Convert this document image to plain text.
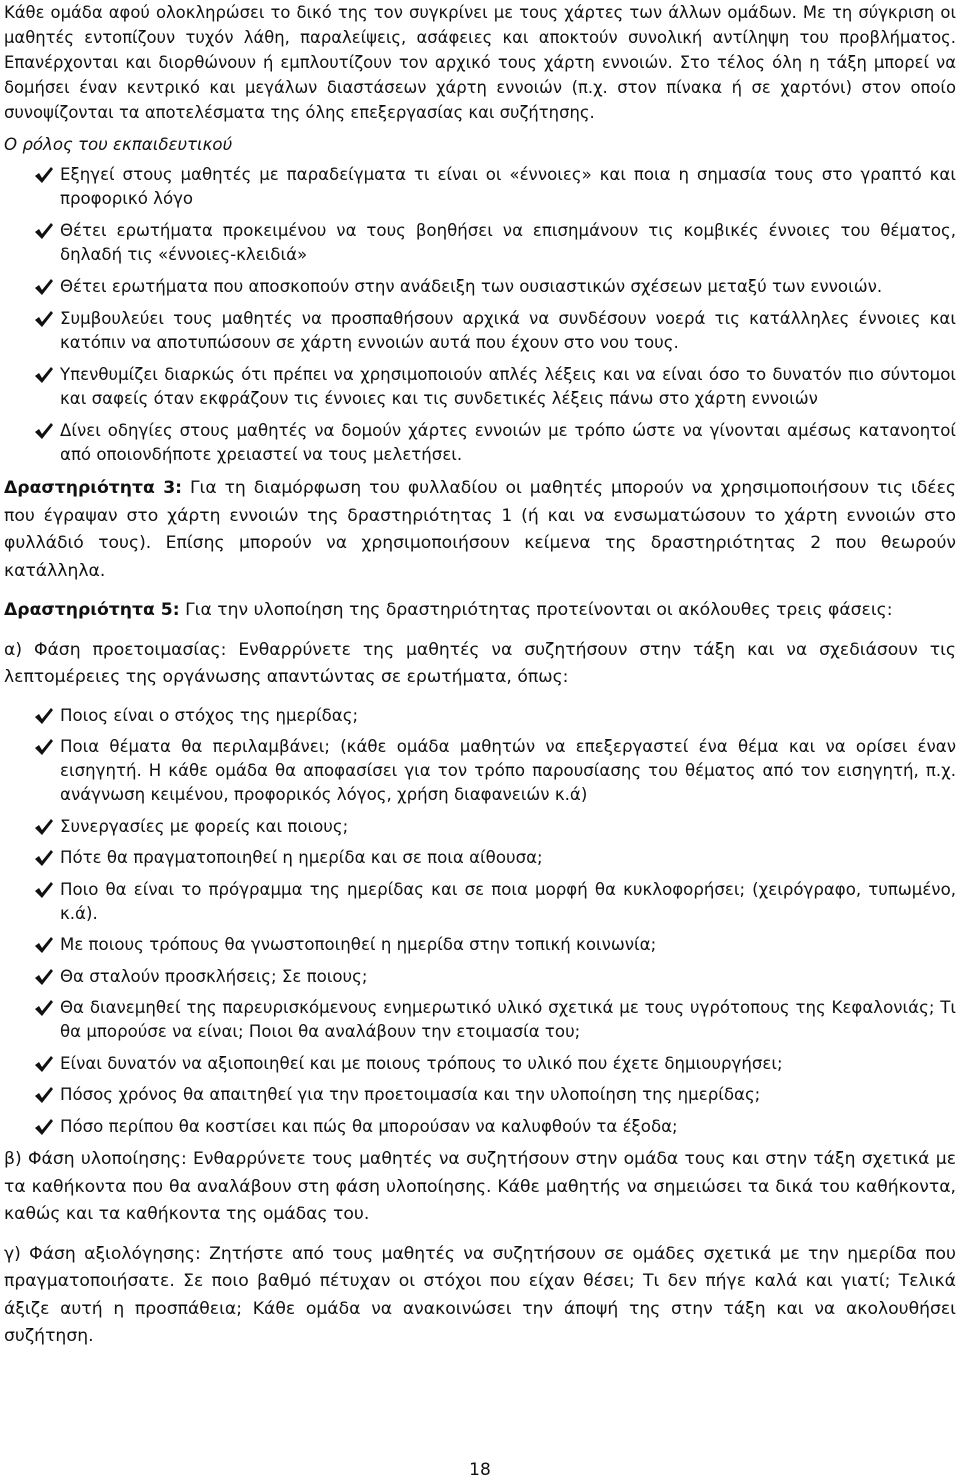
Κάθε ομάδα αφού ολοκληρώσει το δικό της τον συγκρίνει με τους χάρτες των άλλων ομάδων. Με τη σύγκριση οι μαθητές εντοπίζουν τυχόν λάθη, παραλείψεις, ασάφειες και αποκτούν συνολική αντίληψη του προβλήματος. Επανέρχονται και διορθώνουν ή εμπλουτίζουν τον αρχικό τους χάρτη εννοιών. Στο τέλος όλη η τάξη μπορεί να δομήσει έναν κεντρικό και μεγάλων διαστάσεων χάρτη εννοιών (π.χ. στον πίνακα ή σε χαρτόνι) στον οποίο συνοψίζονται τα αποτελέσματα της όλης επεξεργασίας και συζήτησης.

Ο ρόλος του εκπαιδευτικού
Εξηγεί στους μαθητές με παραδείγματα τι είναι οι «έννοιες» και ποια η σημασία τους στο γραπτό και προφορικό λόγο
Θέτει ερωτήματα προκειμένου να τους βοηθήσει να επισημάνουν τις κομβικές έννοιες του θέματος, δηλαδή τις «έννοιες-κλειδιά»
Θέτει ερωτήματα που αποσκοπούν στην ανάδειξη των ουσιαστικών σχέσεων μεταξύ των εννοιών.
Συμβουλεύει τους μαθητές να προσπαθήσουν αρχικά να συνδέσουν νοερά τις κατάλληλες έννοιες και κατόπιν να αποτυπώσουν σε χάρτη εννοιών αυτά που έχουν στο νου τους.
Υπενθυμίζει διαρκώς ότι πρέπει να χρησιμοποιούν απλές λέξεις και να είναι όσο το δυνατόν πιο σύντομοι και σαφείς όταν εκφράζουν τις έννοιες και τις συνδετικές λέξεις πάνω στο χάρτη εννοιών
Δίνει οδηγίες στους μαθητές να δομούν χάρτες εννοιών με τρόπο ώστε να γίνονται αμέσως κατανοητοί από οποιονδήποτε χρειαστεί να τους μελετήσει.

Δραστηριότητα 3: Για τη διαμόρφωση του φυλλαδίου οι μαθητές μπορούν να χρησιμοποιήσουν τις ιδέες που έγραψαν στο χάρτη εννοιών της δραστηριότητας 1 (ή και να ενσωματώσουν το χάρτη εννοιών στο φυλλάδιό τους). Επίσης μπορούν να χρησιμοποιήσουν κείμενα της δραστηριότητας 2 που θεωρούν κατάλληλα.

Δραστηριότητα 5: Για την υλοποίηση της δραστηριότητας προτείνονται οι ακόλουθες τρεις φάσεις:

α) Φάση προετοιμασίας: Ενθαρρύνετε της μαθητές να συζητήσουν στην τάξη και να σχεδιάσουν τις λεπτομέρειες της οργάνωσης απαντώντας σε ερωτήματα, όπως:

Ποιος είναι ο στόχος της ημερίδας;
Ποια θέματα θα περιλαμβάνει; (κάθε ομάδα μαθητών να επεξεργαστεί ένα θέμα και να ορίσει έναν εισηγητή. Η κάθε ομάδα θα αποφασίσει για τον τρόπο παρουσίασης του θέματος από τον εισηγητή, π.χ. ανάγνωση κειμένου, προφορικός λόγος, χρήση διαφανειών κ.ά)
Συνεργασίες με φορείς και ποιους;
Πότε θα πραγματοποιηθεί η ημερίδα και σε ποια αίθουσα;
Ποιο θα είναι το πρόγραμμα της ημερίδας και σε ποια μορφή θα κυκλοφορήσει; (χειρόγραφο, τυπωμένο, κ.ά).
Με ποιους τρόπους θα γνωστοποιηθεί η ημερίδα στην τοπική κοινωνία;
Θα σταλούν προσκλήσεις; Σε ποιους;
Θα διανεμηθεί της παρευρισκόμενους ενημερωτικό υλικό σχετικά με τους υγρότοπους της Κεφαλονιάς; Τι θα μπορούσε να είναι; Ποιοι θα αναλάβουν την ετοιμασία του;
Είναι δυνατόν να αξιοποιηθεί και με ποιους τρόπους το υλικό που έχετε δημιουργήσει;
Πόσος χρόνος θα απαιτηθεί για την προετοιμασία και την υλοποίηση της ημερίδας;
Πόσο περίπου θα κοστίσει και πώς θα μπορούσαν να καλυφθούν τα έξοδα;

β) Φάση υλοποίησης: Ενθαρρύνετε τους μαθητές να συζητήσουν στην ομάδα τους και στην τάξη σχετικά με τα καθήκοντα που θα αναλάβουν στη φάση υλοποίησης. Κάθε μαθητής να σημειώσει τα δικά του καθήκοντα, καθώς και τα καθήκοντα της ομάδας του.

γ) Φάση αξιολόγησης: Ζητήστε από τους μαθητές να συζητήσουν σε ομάδες σχετικά με την ημερίδα που πραγματοποιήσατε. Σε ποιο βαθμό πέτυχαν οι στόχοι που είχαν θέσει; Τι δεν πήγε καλά και γιατί; Τελικά άξιζε αυτή η προσπάθεια; Κάθε ομάδα να ανακοινώσει την άποψή της στην τάξη και να ακολουθήσει συζήτηση.

18
